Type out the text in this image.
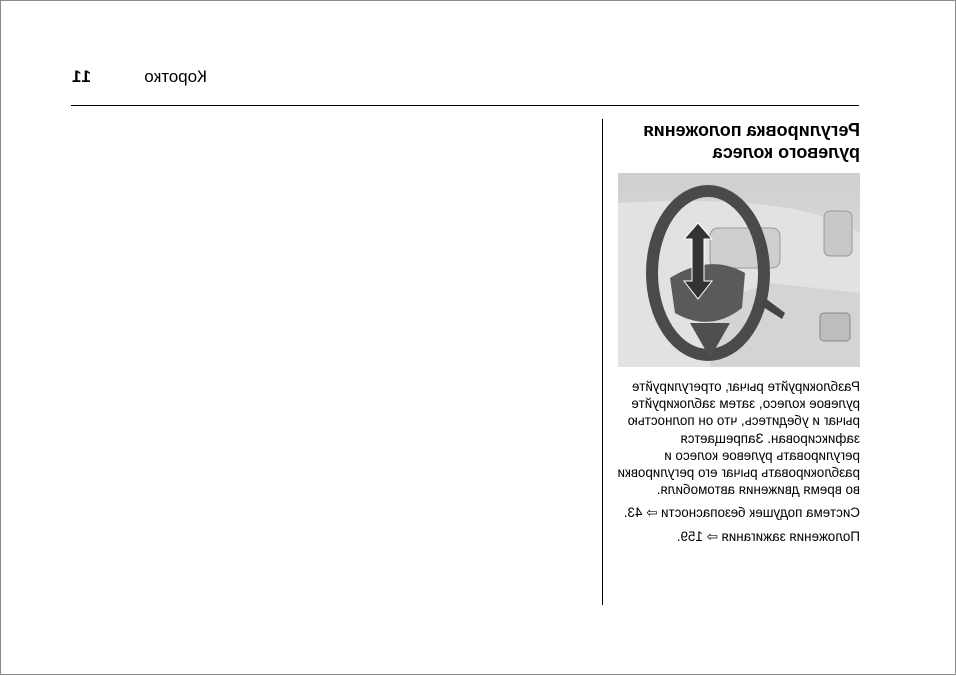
Коротко
11
Регулировка положения рулевого колеса

Разблокируйте рычаг, отрегулируйте рулевое колесо, затем заблокируйте рычаг и убедитесь, что он полностью зафиксирован. Запрещается регулировать рулевое колесо и разблокировать рычаг его регулировки во время движения автомобиля.

Система подушек безопасности ⇨ 43.

Положения зажигания ⇨ 159.
